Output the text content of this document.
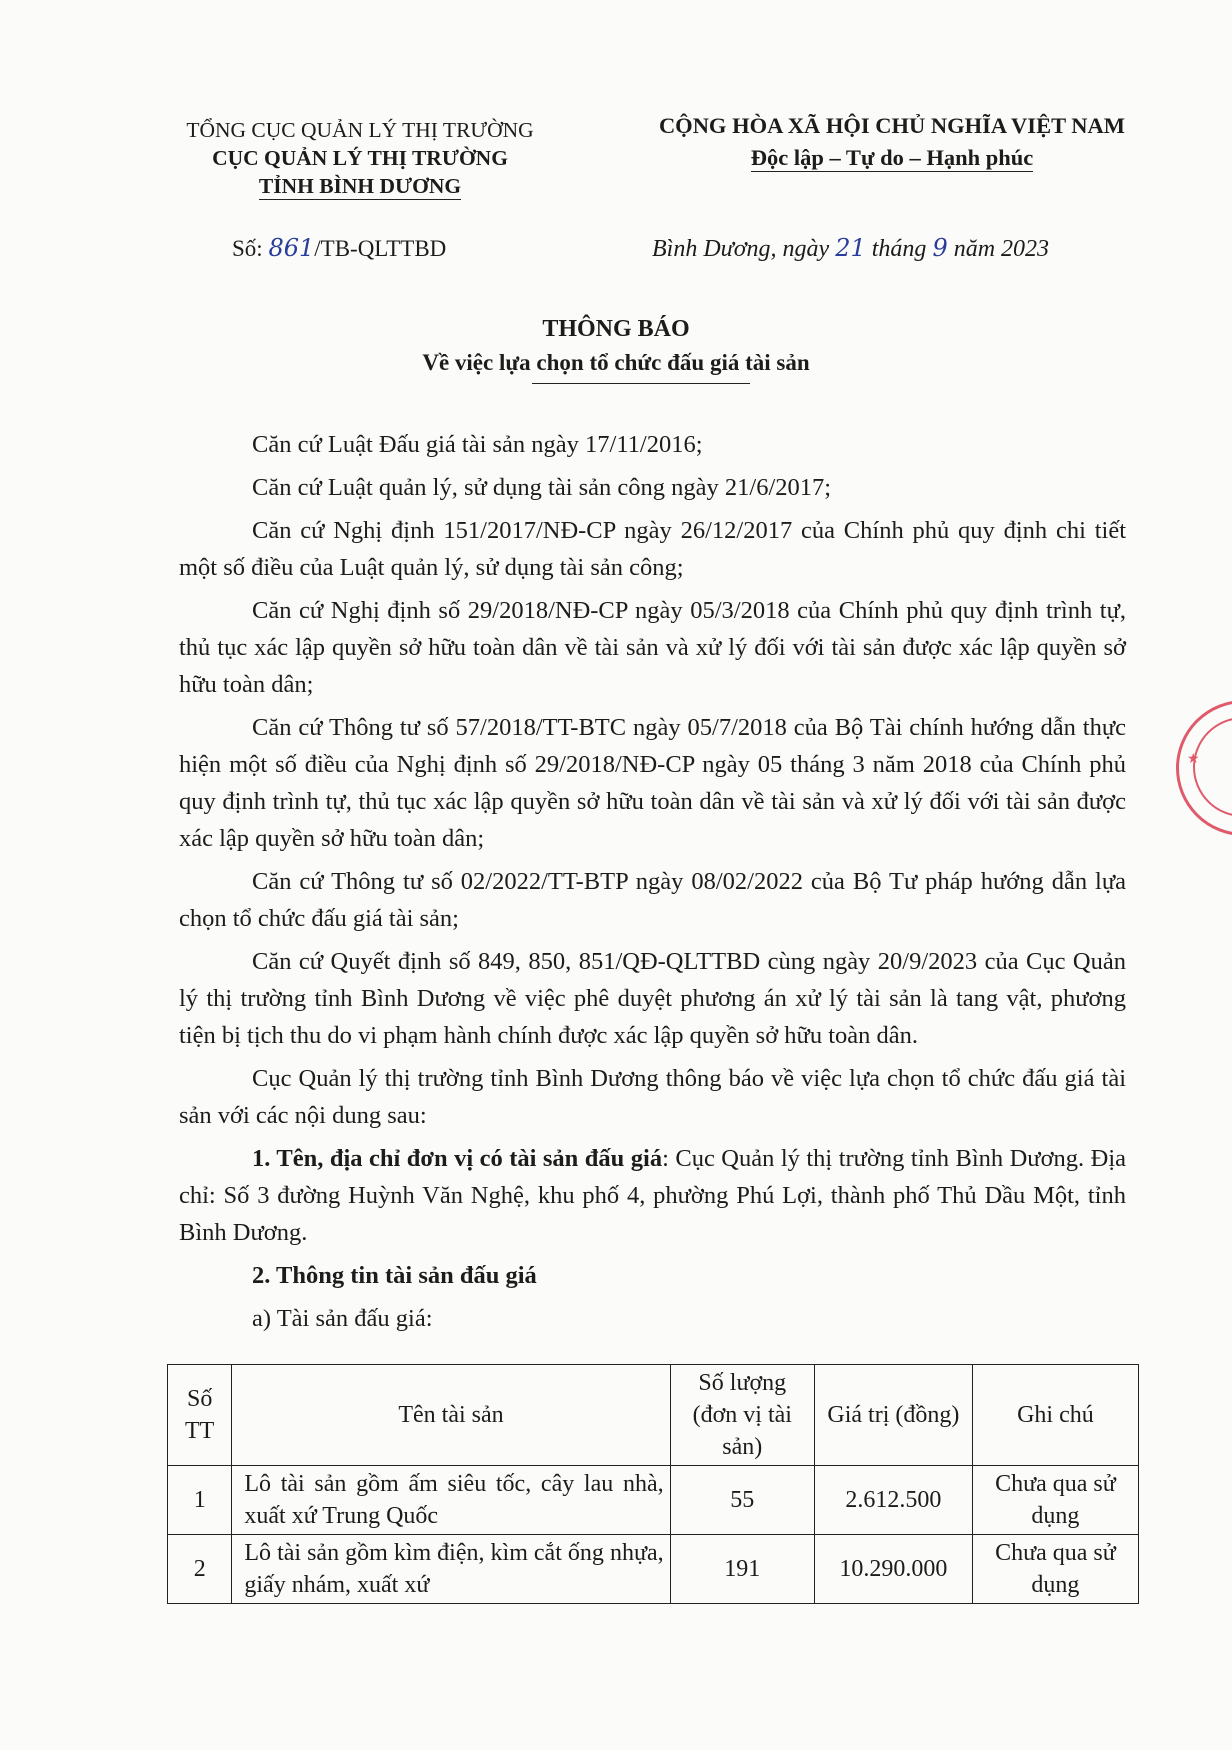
TỔNG CỤC QUẢN LÝ THỊ TRƯỜNG
CỤC QUẢN LÝ THỊ TRƯỜNG
TỈNH BÌNH DƯƠNG
CỘNG HÒA XÃ HỘI CHỦ NGHĨA VIỆT NAM
Độc lập – Tự do – Hạnh phúc
Số: 861/TB-QLTTBD	Bình Dương, ngày 21 tháng 9 năm 2023
THÔNG BÁO
Về việc lựa chọn tổ chức đấu giá tài sản

Căn cứ Luật Đấu giá tài sản ngày 17/11/2016;

Căn cứ Luật quản lý, sử dụng tài sản công ngày 21/6/2017;

Căn cứ Nghị định 151/2017/NĐ-CP ngày 26/12/2017 của Chính phủ quy định chi tiết một số điều của Luật quản lý, sử dụng tài sản công;

Căn cứ Nghị định số 29/2018/NĐ-CP ngày 05/3/2018 của Chính phủ quy định trình tự, thủ tục xác lập quyền sở hữu toàn dân về tài sản và xử lý đối với tài sản được xác lập quyền sở hữu toàn dân;

Căn cứ Thông tư số 57/2018/TT-BTC ngày 05/7/2018 của Bộ Tài chính hướng dẫn thực hiện một số điều của Nghị định số 29/2018/NĐ-CP ngày 05 tháng 3 năm 2018 của Chính phủ quy định trình tự, thủ tục xác lập quyền sở hữu toàn dân về tài sản và xử lý đối với tài sản được xác lập quyền sở hữu toàn dân;

Căn cứ Thông tư số 02/2022/TT-BTP ngày 08/02/2022 của Bộ Tư pháp hướng dẫn lựa chọn tổ chức đấu giá tài sản;

Căn cứ Quyết định số 849, 850, 851/QĐ-QLTTBD cùng ngày 20/9/2023 của Cục Quản lý thị trường tỉnh Bình Dương về việc phê duyệt phương án xử lý tài sản là tang vật, phương tiện bị tịch thu do vi phạm hành chính được xác lập quyền sở hữu toàn dân.

Cục Quản lý thị trường tỉnh Bình Dương thông báo về việc lựa chọn tổ chức đấu giá tài sản với các nội dung sau:

1. Tên, địa chỉ đơn vị có tài sản đấu giá: Cục Quản lý thị trường tỉnh Bình Dương. Địa chỉ: Số 3 đường Huỳnh Văn Nghệ, khu phố 4, phường Phú Lợi, thành phố Thủ Dầu Một, tỉnh Bình Dương.

2. Thông tin tài sản đấu giá

a) Tài sản đấu giá:

Số TT	Tên tài sản	Số lượng (đơn vị tài sản)	Giá trị (đồng)	Ghi chú
1	Lô tài sản gồm ấm siêu tốc, cây lau nhà, xuất xứ Trung Quốc	55	2.612.500	Chưa qua sử dụng
2	Lô tài sản gồm kìm điện, kìm cắt ống nhựa, giấy nhám, xuất xứ	191	10.290.000	Chưa qua sử dụng
★
